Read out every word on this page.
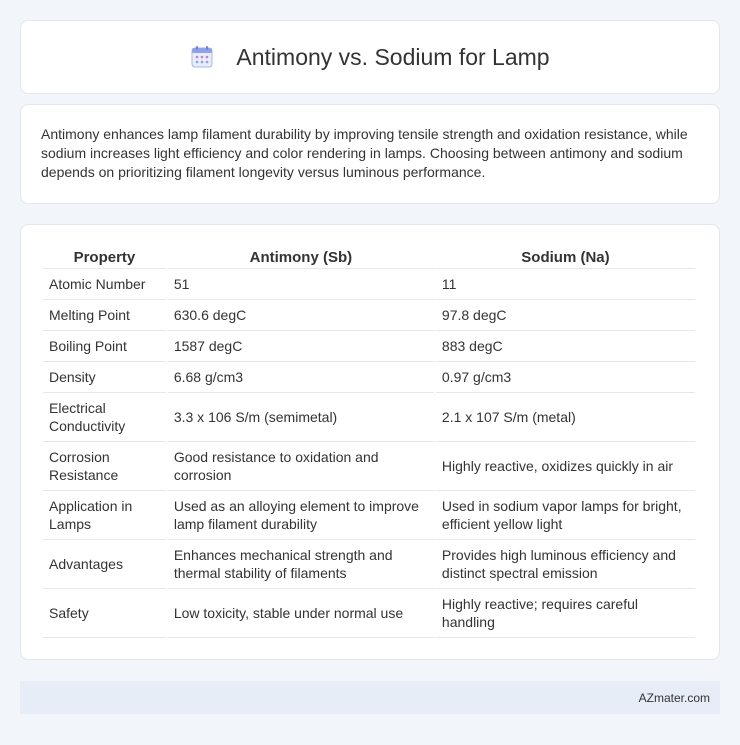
Antimony vs. Sodium for Lamp

Antimony enhances lamp filament durability by improving tensile strength and oxidation resistance, while sodium increases light efficiency and color rendering in lamps. Choosing between antimony and sodium depends on prioritizing filament longevity versus luminous performance.

Property	Antimony (Sb)	Sodium (Na)
Atomic Number	51	11
Melting Point	630.6 degC	97.8 degC
Boiling Point	1587 degC	883 degC
Density	6.68 g/cm3	0.97 g/cm3
Electrical Conductivity	3.3 x 106 S/m (semimetal)	2.1 x 107 S/m (metal)
Corrosion Resistance	Good resistance to oxidation and corrosion	Highly reactive, oxidizes quickly in air
Application in Lamps	Used as an alloying element to improve lamp filament durability	Used in sodium vapor lamps for bright, efficient yellow light
Advantages	Enhances mechanical strength and thermal stability of filaments	Provides high luminous efficiency and distinct spectral emission
Safety	Low toxicity, stable under normal use	Highly reactive; requires careful handling
AZmater.com
